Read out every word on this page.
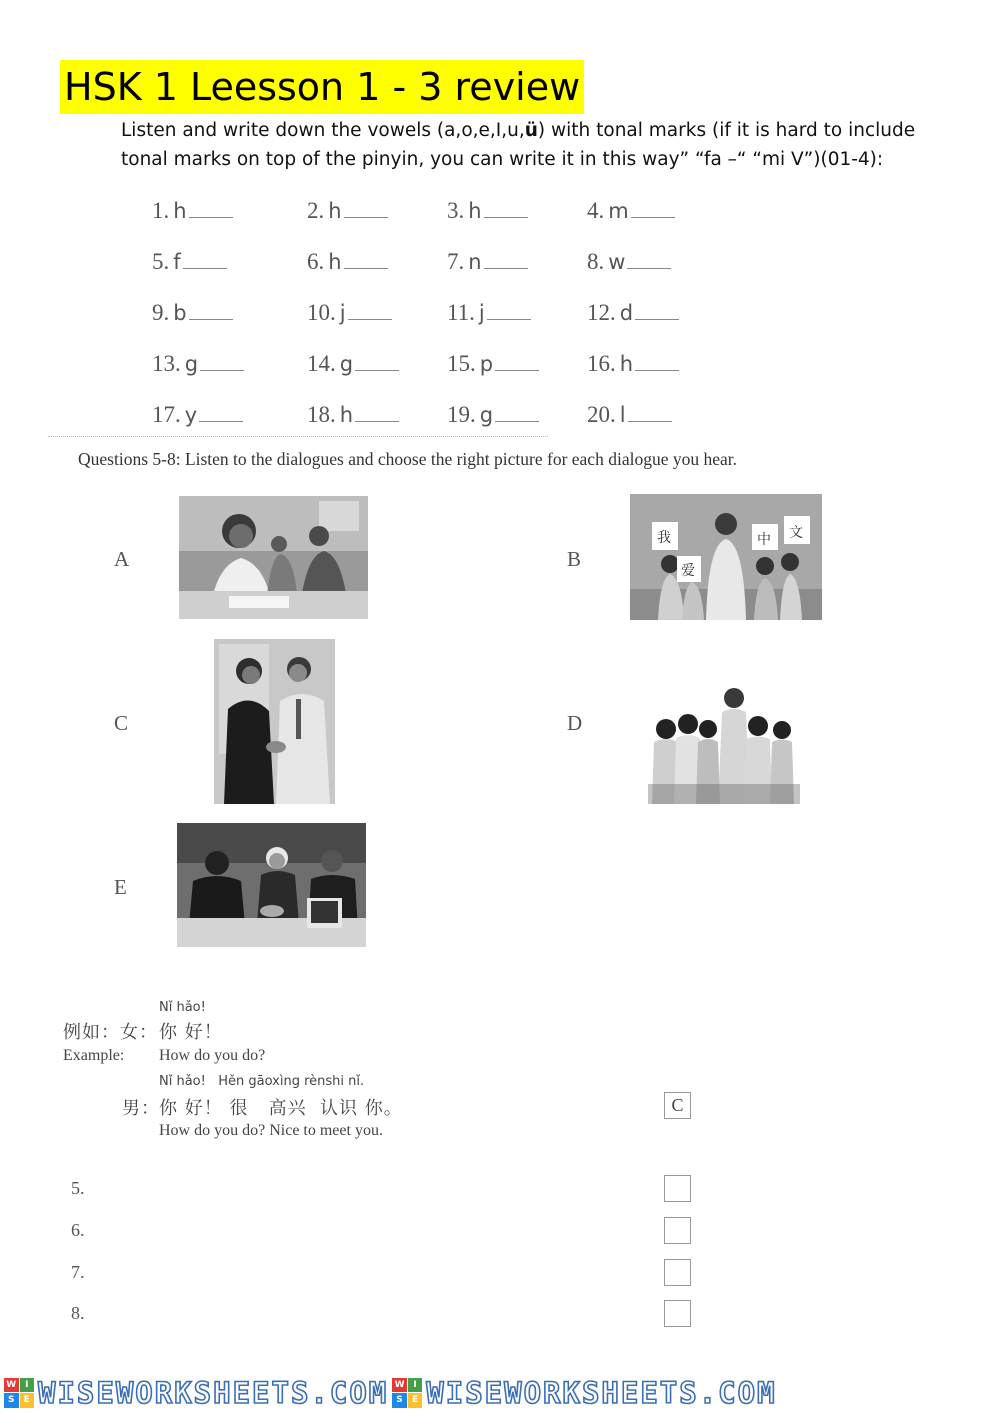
HSK 1 Leesson 1 - 3 review
Listen and write down the vowels (a,o,e,I,u,ü) with tonal marks (if it is hard to include
tonal marks on top of the pinyin, you can write it in this way” “fa –“ “mi V”)(01-4):
1. h	2. h	3. h	4. m
5. f	6. h	7. n	8. w
9. b	10. j	11. j	12. d
13. g	14. g	15. p	16. h
17. y	18. h	19. g	20. l
Questions 5-8: Listen to the dialogues and choose the right picture for each dialogue you hear.
A	B
我
爱
中 文
C	D
E
Nǐ hǎo!
例如：女： 你 好！
Example: How do you do?
Nǐ hǎo!   Hěn gāoxìng rènshi nǐ.
男： 你 好！ 很   高兴  认识 你。
How do you do? Nice to meet you.
C
5.
6.
7.
8.
W I
S	E WISEWORKSHEETS.COM W I
S	E WISEWORKSHEETS.COM
